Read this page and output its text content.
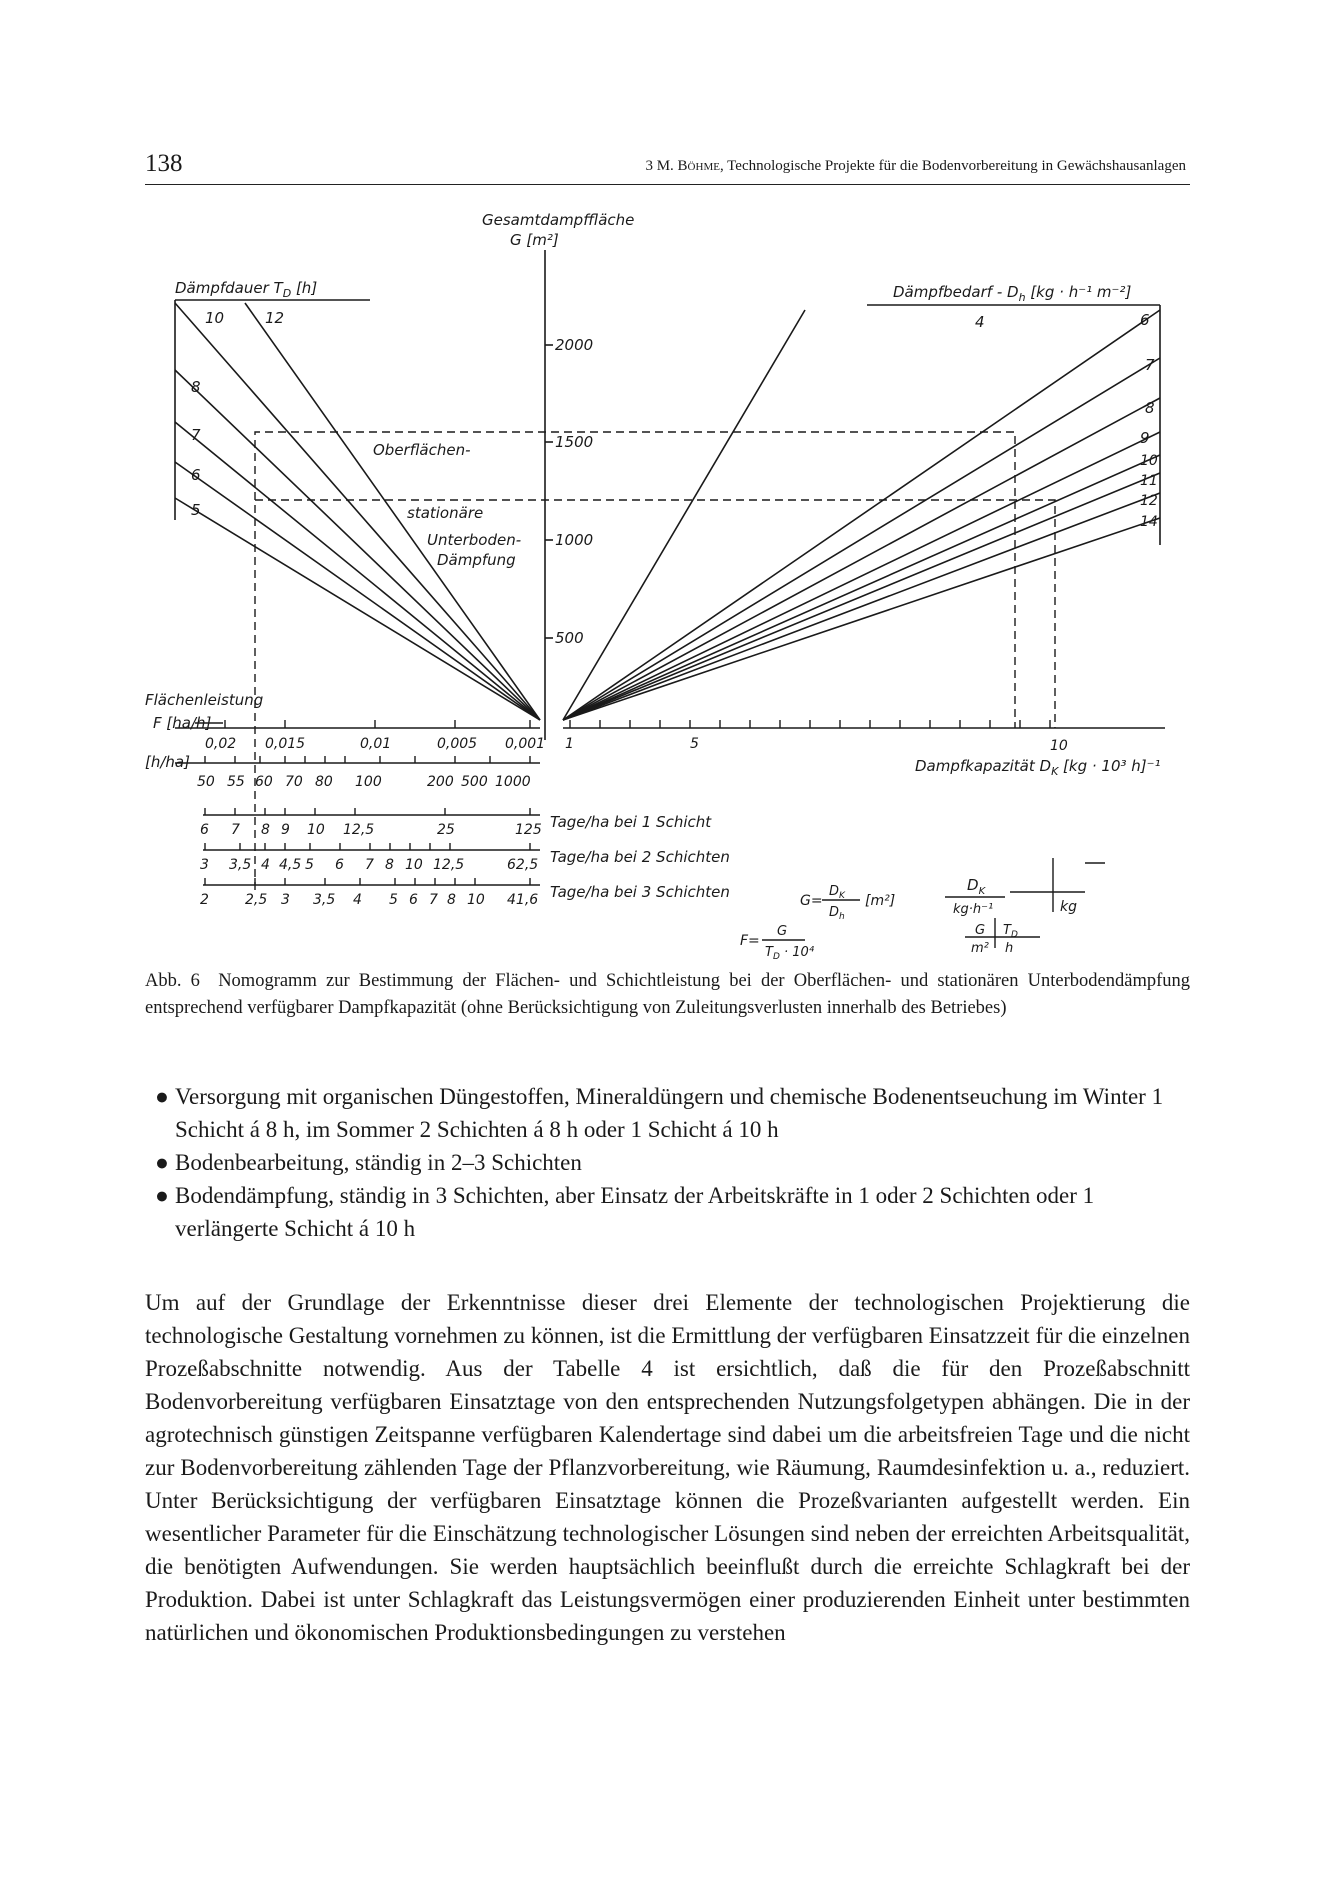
138	3 M. Böhme, Technologische Projekte für die Bodenvorbereitung in Gewächshausanlagen
Gesamtdampffläche
G [m²]
Dämpfdauer $T_D$ [h]	Dämpfbedarf - $D_h$ [kg · h⁻¹ m⁻²]
10	12
8
7
6
5
4	6
7
8
9
10
11
12
14
2000
1500
1000
500
Oberflächen-
stationäre
Unterboden-
Dämpfung
Flächenleistung
F [ha/h]
0,02 0,015	0,01	0,005 0,001
[h/ha]
50 55 60 70 80 100	200 500 1000
1	5	10
Dampfkapazität $D_K$ [kg · 10³ h]⁻¹
Tage/ha bei 1 Schicht
Tage/ha bei 2 Schichten
Tage/ha bei 3 Schichten
6 7 8 9 10 12,5	25	125
3 3,5 4 4,5 5 6 7 8 10 12,5	62,5
2	2,5 3 3,5 4 5 6 7 8 10 41,6	G=
$D_K$
$D_h$
[m²]
F=
G
$T_D \cdot 10^4$
$D_K$
kg·h⁻¹	kg
G $T_D$
m² h
Abb. 6 Nomogramm zur Bestimmung der Flächen- und Schichtleistung bei der Oberflächen- und stationären Unterbodendämpfung entsprechend verfügbarer Dampfkapazität (ohne Berücksichtigung von Zuleitungsverlusten innerhalb des Betriebes)
● Versorgung mit organischen Düngestoffen, Mineraldüngern und chemische Bodenentseuchung im Winter 1 Schicht á 8 h, im Sommer 2 Schichten á 8 h oder 1 Schicht á 10 h
● Bodenbearbeitung, ständig in 2–3 Schichten
● Bodendämpfung, ständig in 3 Schichten, aber Einsatz der Arbeitskräfte in 1 oder 2 Schichten oder 1 verlängerte Schicht á 10 h

Um auf der Grundlage der Erkenntnisse dieser drei Elemente der technologischen Projektierung die technologische Gestaltung vornehmen zu können, ist die Ermittlung der verfügbaren Einsatzzeit für die einzelnen Prozeßabschnitte notwendig. Aus der Tabelle 4 ist ersichtlich, daß die für den Prozeßabschnitt Bodenvorbereitung verfügbaren Einsatztage von den entsprechenden Nutzungsfolgetypen abhängen. Die in der agrotechnisch günstigen Zeitspanne verfügbaren Kalendertage sind dabei um die arbeitsfreien Tage und die nicht zur Bodenvorbereitung zählenden Tage der Pflanzvorbereitung, wie Räumung, Raumdesinfektion u. a., reduziert. Unter Berücksichtigung der verfügbaren Einsatztage können die Prozeßvarianten aufgestellt werden. Ein wesentlicher Parameter für die Einschätzung technologischer Lösungen sind neben der erreichten Arbeitsqualität, die benötigten Aufwendungen. Sie werden hauptsächlich beeinflußt durch die erreichte Schlagkraft bei der Produktion. Dabei ist unter Schlagkraft das Leistungsvermögen einer produzierenden Einheit unter bestimmten natürlichen und ökonomischen Produktionsbedingungen zu verstehen
